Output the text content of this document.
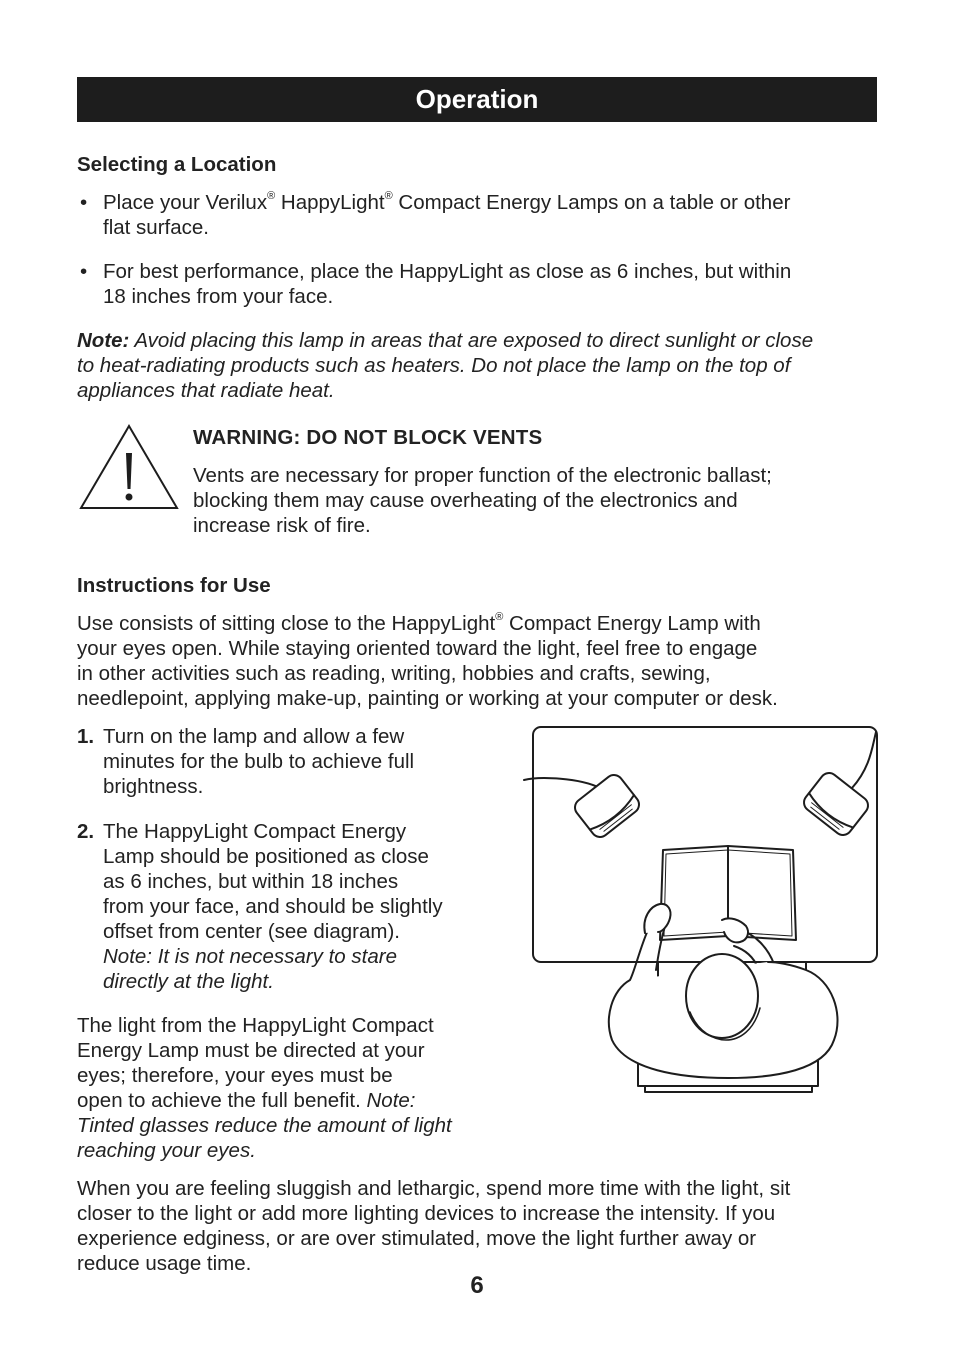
Operation
Selecting a Location
• Place your Verilux® HappyLight® Compact Energy Lamps on a table or other
flat surface.
• For best performance, place the HappyLight as close as 6 inches, but within
18 inches from your face.
Note: Avoid placing this lamp in areas that are exposed to direct sunlight or close
to heat-radiating products such as heaters. Do not place the lamp on the top of
appliances that radiate heat.
WARNING: DO NOT BLOCK VENTS
Vents are necessary for proper function of the electronic ballast;
blocking them may cause overheating of the electronics and
increase risk of fire.
Instructions for Use
Use consists of sitting close to the HappyLight® Compact Energy Lamp with
your eyes open. While staying oriented toward the light, feel free to engage
in other activities such as reading, writing, hobbies and crafts, sewing,
needlepoint, applying make-up, painting or working at your computer or desk.
1. Turn on the lamp and allow a few
minutes for the bulb to achieve full
brightness.
2. The HappyLight Compact Energy
Lamp should be positioned as close
as 6 inches, but within 18 inches
from your face, and should be slightly
offset from center (see diagram).
Note: It is not necessary to stare
directly at the light.
The light from the HappyLight Compact
Energy Lamp must be directed at your
eyes; therefore, your eyes must be
open to achieve the full benefit. Note:
Tinted glasses reduce the amount of light
reaching your eyes.
When you are feeling sluggish and lethargic, spend more time with the light, sit
closer to the light or add more lighting devices to increase the intensity. If you
experience edginess, or are over stimulated, move the light further away or
reduce usage time.
6
